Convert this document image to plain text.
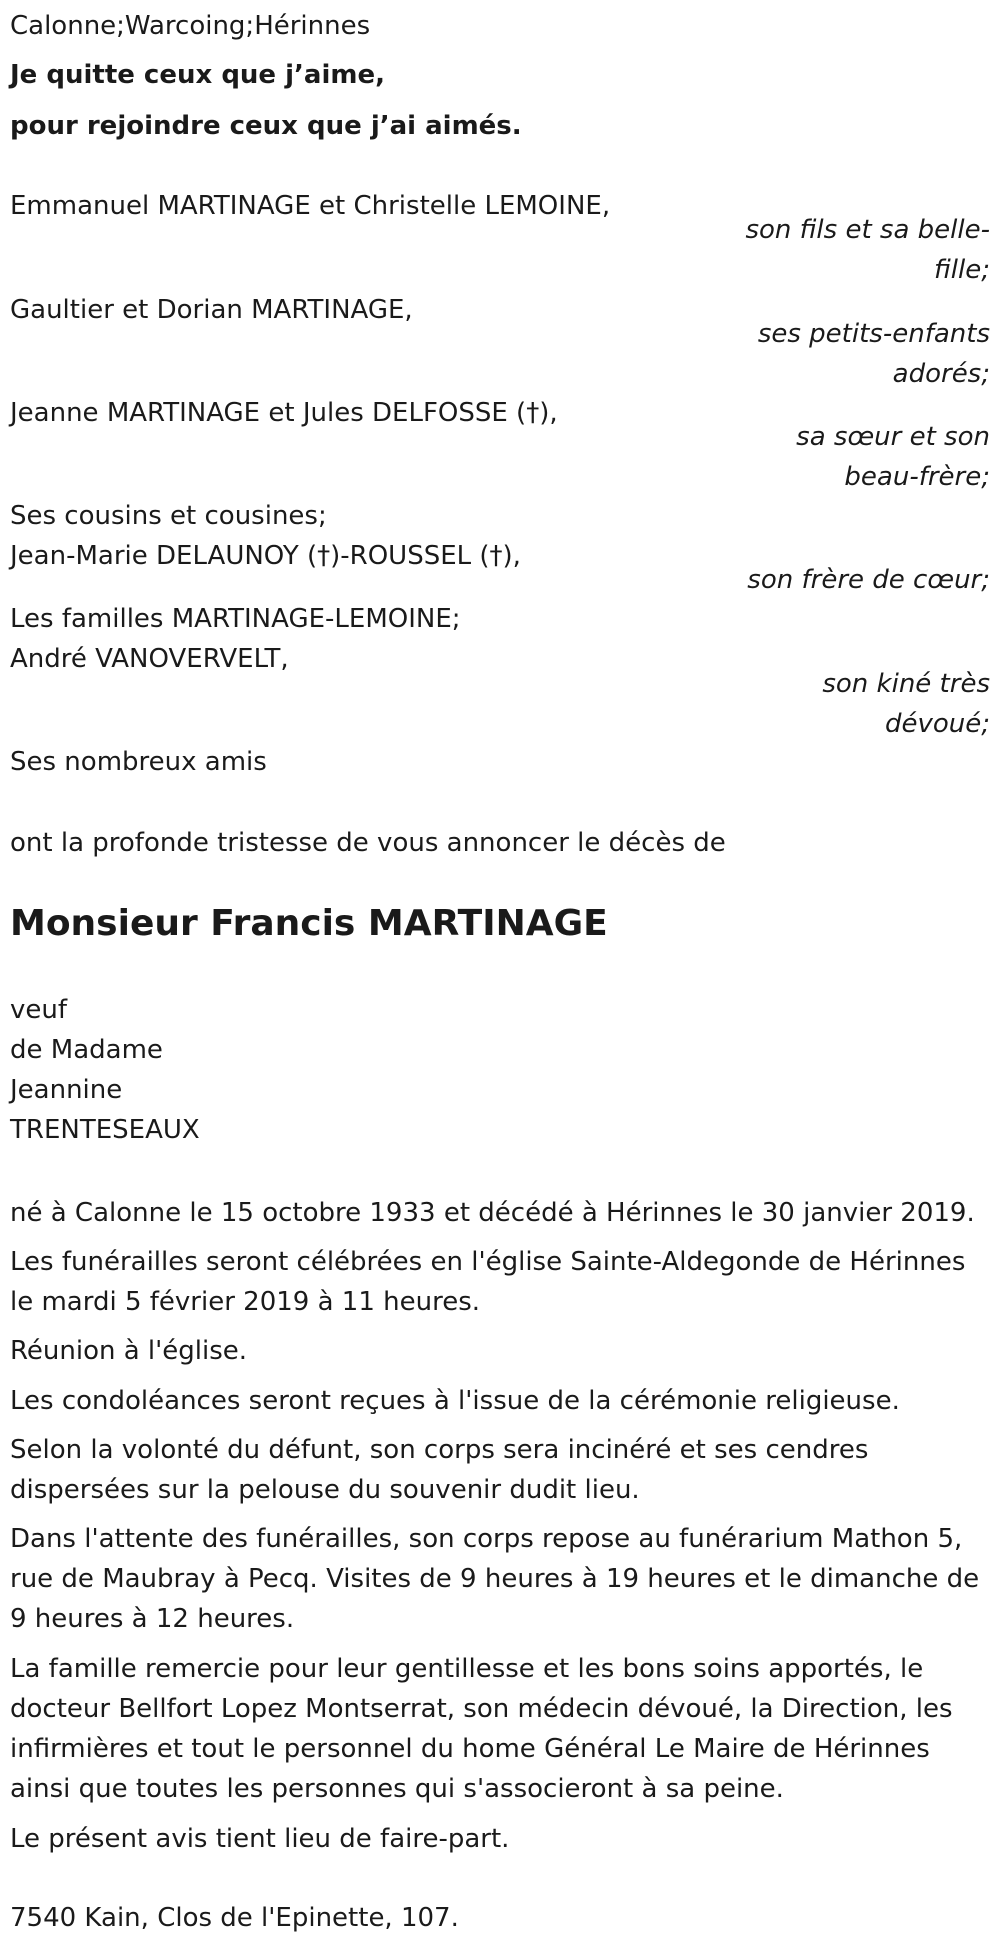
Calonne;Warcoing;Hérinnes
Je quitte ceux que j’aime,
pour rejoindre ceux que j’ai aimés.
Emmanuel MARTINAGE et Christelle LEMOINE,
son fils et sa belle-fille;
Gaultier et Dorian MARTINAGE,
ses petits-enfants adorés;
Jeanne MARTINAGE et Jules DELFOSSE (†),
sa sœur et son beau-frère;
Ses cousins et cousines;
Jean-Marie DELAUNOY (†)-ROUSSEL (†),
son frère de cœur;
Les familles MARTINAGE-LEMOINE;
André VANOVERVELT,
son kiné très dévoué;
Ses nombreux amis
ont la profonde tristesse de vous annoncer le décès de
Monsieur Francis MARTINAGE
veuf
de Madame
Jeannine
TRENTESEAUX
né à Calonne le 15 octobre 1933 et décédé à Hérinnes le 30 janvier 2019.
Les funérailles seront célébrées en l'église Sainte-Aldegonde de Hérinnes le mardi 5 février 2019 à 11 heures.
Réunion à l'église.
Les condoléances seront reçues à l'issue de la cérémonie religieuse.
Selon la volonté du défunt, son corps sera incinéré et ses cendres dispersées sur la pelouse du souvenir dudit lieu.
Dans l'attente des funérailles, son corps repose au funérarium Mathon 5, rue de Maubray à Pecq. Visites de 9 heures à 19 heures et le dimanche de 9 heures à 12 heures.
La famille remercie pour leur gentillesse et les bons soins apportés, le docteur Bellfort Lopez Montserrat, son médecin dévoué, la Direction, les infirmières et tout le personnel du home Général Le Maire de Hérinnes ainsi que toutes les personnes qui s'associeront à sa peine.
Le présent avis tient lieu de faire-part.
7540 Kain, Clos de l'Epinette, 107.
